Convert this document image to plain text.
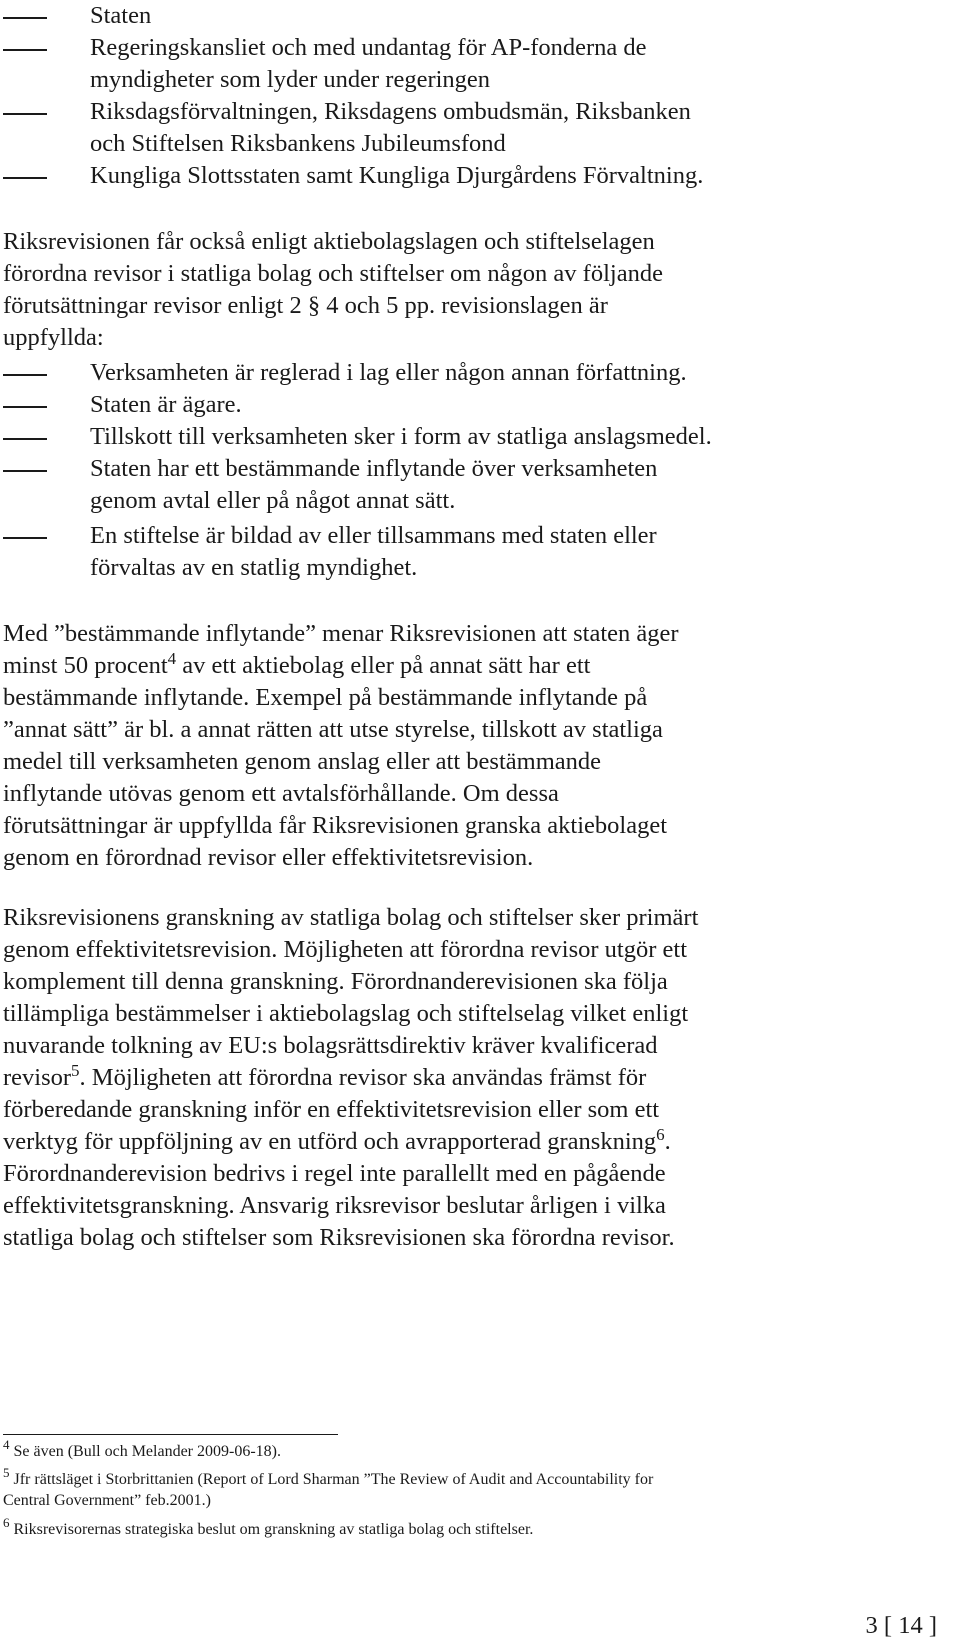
Staten
Regeringskansliet och med undantag för AP-fonderna de
myndigheter som lyder under regeringen
Riksdagsförvaltningen, Riksdagens ombudsmän, Riksbanken
och Stiftelsen Riksbankens Jubileumsfond
Kungliga Slottsstaten samt Kungliga Djurgårdens Förvaltning.
Riksrevisionen får också enligt aktiebolagslagen och stiftelselagen
förordna revisor i statliga bolag och stiftelser om någon av följande
förutsättningar revisor enligt 2 § 4 och 5 pp. revisionslagen är
uppfyllda:
Verksamheten är reglerad i lag eller någon annan författning.
Staten är ägare.
Tillskott till verksamheten sker i form av statliga anslagsmedel.
Staten har ett bestämmande inflytande över verksamheten
genom avtal eller på något annat sätt.
En stiftelse är bildad av eller tillsammans med staten eller
förvaltas av en statlig myndighet.
Med ”bestämmande inflytande” menar Riksrevisionen att staten äger
minst 50 procent$^4$ av ett aktiebolag eller på annat sätt har ett
bestämmande inflytande. Exempel på bestämmande inflytande på
”annat sätt” är bl. a annat rätten att utse styrelse, tillskott av statliga
medel till verksamheten genom anslag eller att bestämmande
inflytande utövas genom ett avtalsförhållande. Om dessa
förutsättningar är uppfyllda får Riksrevisionen granska aktiebolaget
genom en förordnad revisor eller effektivitetsrevision.
Riksrevisionens granskning av statliga bolag och stiftelser sker primärt
genom effektivitetsrevision. Möjligheten att förordna revisor utgör ett
komplement till denna granskning. Förordnanderevisionen ska följa
tillämpliga bestämmelser i aktiebolagslag och stiftelselag vilket enligt
nuvarande tolkning av EU:s bolagsrättsdirektiv kräver kvalificerad
revisor$^5$. Möjligheten att förordna revisor ska användas främst för
förberedande granskning inför en effektivitetsrevision eller som ett
verktyg för uppföljning av en utförd och avrapporterad granskning$^6$.
Förordnanderevision bedrivs i regel inte parallellt med en pågående
effektivitetsgranskning. Ansvarig riksrevisor beslutar årligen i vilka
statliga bolag och stiftelser som Riksrevisionen ska förordna revisor.
$^4$ Se även (Bull och Melander 2009-06-18).
$^5$ Jfr rättsläget i Storbrittanien (Report of Lord Sharman ”The Review of Audit and Accountability for
Central Government” feb.2001.)
$^6$ Riksrevisorernas strategiska beslut om granskning av statliga bolag och stiftelser.
3 [ 14 ]
